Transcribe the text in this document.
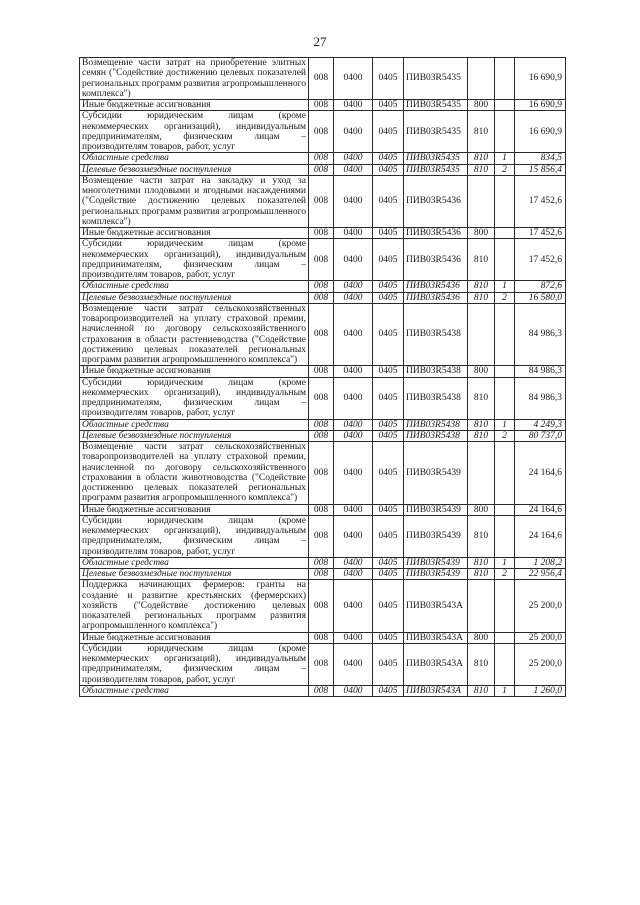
27
Возмещение части затрат на приобретение элитных семян ("Содействие достижению целевых показателей региональных программ развития агропромышленного комплекса")	008	0400	0405	ПИВ03R5435			16 690,9
Иные бюджетные ассигнования	008	0400	0405	ПИВ03R5435	800		16 690,9
Субсидии юридическим лицам (кроме некоммерческих организаций), индивидуальным предпринимателям, физическим лицам – производителям товаров, работ, услуг	008	0400	0405	ПИВ03R5435	810		16 690,9
Областные средства	008	0400	0405	ПИВ03R5435	810	1	834,5
Целевые безвозмездные поступления	008	0400	0405	ПИВ03R5435	810	2	15 856,4
Возмещение части затрат на закладку и уход за многолетними плодовыми и ягодными насаждениями ("Содействие достижению целевых показателей региональных программ развития агропромышленного комплекса")	008	0400	0405	ПИВ03R5436			17 452,6
Иные бюджетные ассигнования	008	0400	0405	ПИВ03R5436	800		17 452,6
Субсидии юридическим лицам (кроме некоммерческих организаций), индивидуальным предпринимателям, физическим лицам – производителям товаров, работ, услуг	008	0400	0405	ПИВ03R5436	810		17 452,6
Областные средства	008	0400	0405	ПИВ03R5436	810	1	872,6
Целевые безвозмездные поступления	008	0400	0405	ПИВ03R5436	810	2	16 580,0
Возмещение части затрат сельскохозяйственных товаропроизводителей на уплату страховой премии, начисленной по договору сельскохозяйственного страхования в области растениеводства ("Содействие достижению целевых показателей региональных программ развития агропромышленного комплекса")	008	0400	0405	ПИВ03R5438			84 986,3
Иные бюджетные ассигнования	008	0400	0405	ПИВ03R5438	800		84 986,3
Субсидии юридическим лицам (кроме некоммерческих организаций), индивидуальным предпринимателям, физическим лицам – производителям товаров, работ, услуг	008	0400	0405	ПИВ03R5438	810		84 986,3
Областные средства	008	0400	0405	ПИВ03R5438	810	1	4 249,3
Целевые безвозмездные поступления	008	0400	0405	ПИВ03R5438	810	2	80 737,0
Возмещение части затрат сельскохозяйственных товаропроизводителей на уплату страховой премии, начисленной по договору сельскохозяйственного страхования в области животноводства ("Содействие достижению целевых показателей региональных программ развития агропромышленного комплекса")	008	0400	0405	ПИВ03R5439			24 164,6
Иные бюджетные ассигнования	008	0400	0405	ПИВ03R5439	800		24 164,6
Субсидии юридическим лицам (кроме некоммерческих организаций), индивидуальным предпринимателям, физическим лицам – производителям товаров, работ, услуг	008	0400	0405	ПИВ03R5439	810		24 164,6
Областные средства	008	0400	0405	ПИВ03R5439	810	1	1 208,2
Целевые безвозмездные поступления	008	0400	0405	ПИВ03R5439	810	2	22 956,4
Поддержка начинающих фермеров: гранты на создание и развитие крестьянских (фермерских) хозяйств ("Содействие достижению целевых показателей региональных программ развития агропромышленного комплекса")	008	0400	0405	ПИВ03R543А			25 200,0
Иные бюджетные ассигнования	008	0400	0405	ПИВ03R543А	800		25 200,0
Субсидии юридическим лицам (кроме некоммерческих организаций), индивидуальным предпринимателям, физическим лицам – производителям товаров, работ, услуг	008	0400	0405	ПИВ03R543А	810		25 200,0
Областные средства	008	0400	0405	ПИВ03R543А	810	1	1 260,0
